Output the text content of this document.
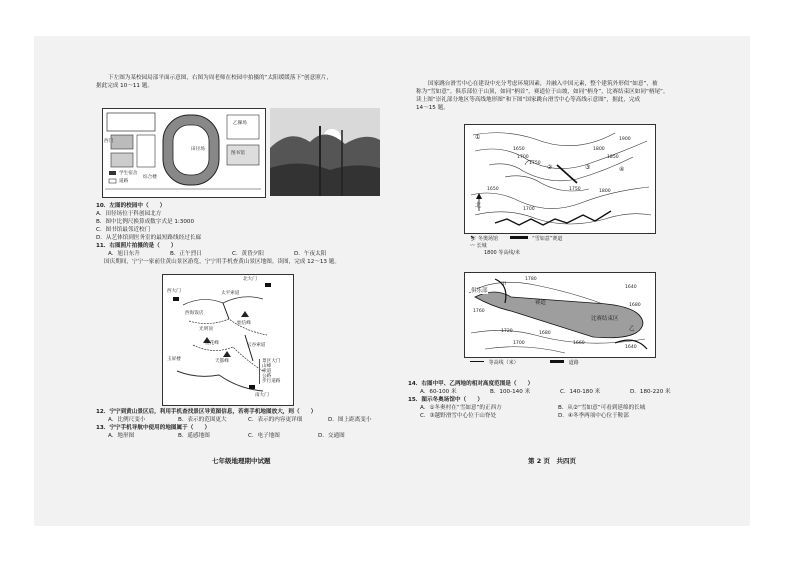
下左图为某校园局部平面示意图，右图为周老师在校园中拍摄的“太阳缓缓落下”创意照片，

据此完成 10～11 题。

田径场
乙操场
图书馆
西门
学生宿舍
道路
综合楼

10．左图的校园中（　　）

A．田径场位于科创园北方

B．图中比例尺换算成数字式是 1:3000

C．图书馆最邻近校门

D．从艺体馆到医务室的最短路线经过长廊

11．右图照片拍摄的是（　　）

A．旭日东升	B．正午烈日	C．黄昏夕阳	D．午夜太阳

国庆期间，宁宁一家前往黄山景区游览，宁宁用手机查黄山景区地图。读图，完成 12～13 题。

北大门
西大门	太平索道
西海饭店
始信峰
光明顶
莲花峰	云谷索道
玉屏楼	天都峰
南大门
景区大门
山峰
索道
公路
步行道路

12．宁宁到黄山景区后，利用手机查找景区导览图信息，若将手机地图放大，则（　　）

A．比例尺变小	B．表示的范围更大	C．表示的内容更详细	D．图上距离变小

13．宁宁手机导航中使用的地图属于（　　）

A．地形图	B．遥感地图	C．电子地图	D．交通图
七年级地理期中试题

国家跳台滑雪中心在建设中充分考虑环境因素，并融入中国元素，整个建筑外形似“如意”，被

称为“雪如意”。俱乐部位于山顶，如同“柄首”，赛道位于山坡，如同“柄身”，比赛结束区如同“柄尾”。

读上图“崇礼部分地区等高线地形图”和下图“国家跳台滑雪中心等高线示意图”，据此，完成

14～15 题。

1650
1700
1750
1800
1850
1900
1750	1800
1700
1650
①
②	③	④
北
⛷ 冬奥场馆	“雪如意”赛道
〰 长城
1800 等高线/米
俱乐部
甲
乙
赛道
比赛结束区
1780
1760
1720
1700
1680
1660
1640
1640
1680
等高线（米）	道路

14．右图中甲、乙两地的相对高度范围是（　　）

A．60-100 米	B．100-140 米	C．140-180 米	D．180-220 米

15．图示冬奥场馆中（　　）

A．①冬奥村在“雪如意”的正西方	B．从②“雪如意”可看到延绵的长城
C．③越野滑雪中心位于山脊处	D．④冬季两项中心位于鞍部
第 2 页　共四页
